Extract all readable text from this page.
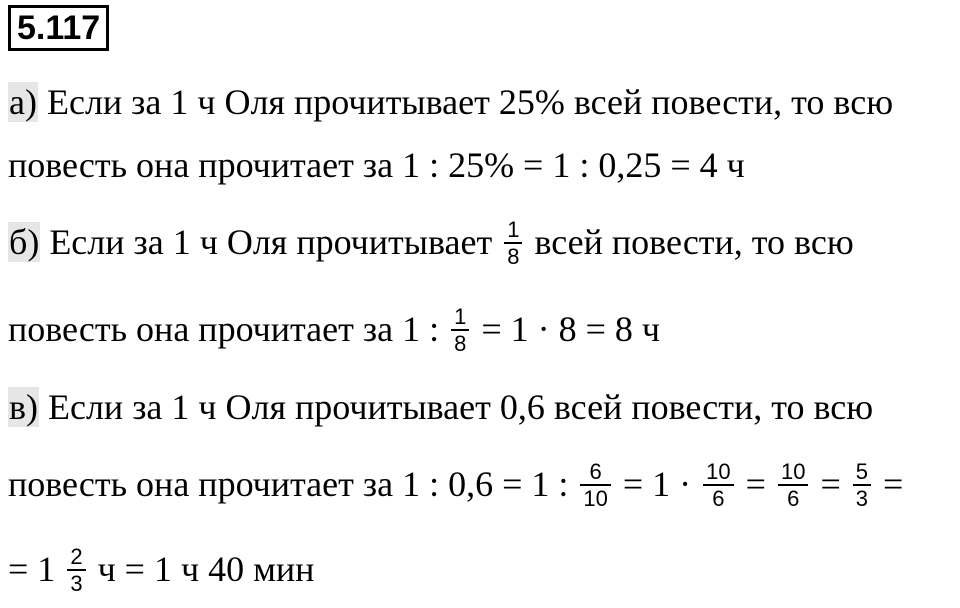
5.117
а) Если за 1 ч Оля прочитывает 25% всей повести, то всю
повесть она прочитает за 1 : 25% = 1 : 0,25 = 4 ч
б) Если за 1 ч Оля прочитывает $\frac{1}{8}$ всей повести, то всю
повесть она прочитает за 1 : $\frac{1}{8} = 1 \cdot 8 = 8$ ч
в) Если за 1 ч Оля прочитывает 0,6 всей повести, то всю
повесть она прочитает за 1 : 0,6 = 1 : $\frac{6}{10} = 1 \cdot \frac{10}{6} = \frac{10}{6} = \frac{5}{3}$ =
= $1 \frac{2}{3}$ ч = 1 ч 40 мин
